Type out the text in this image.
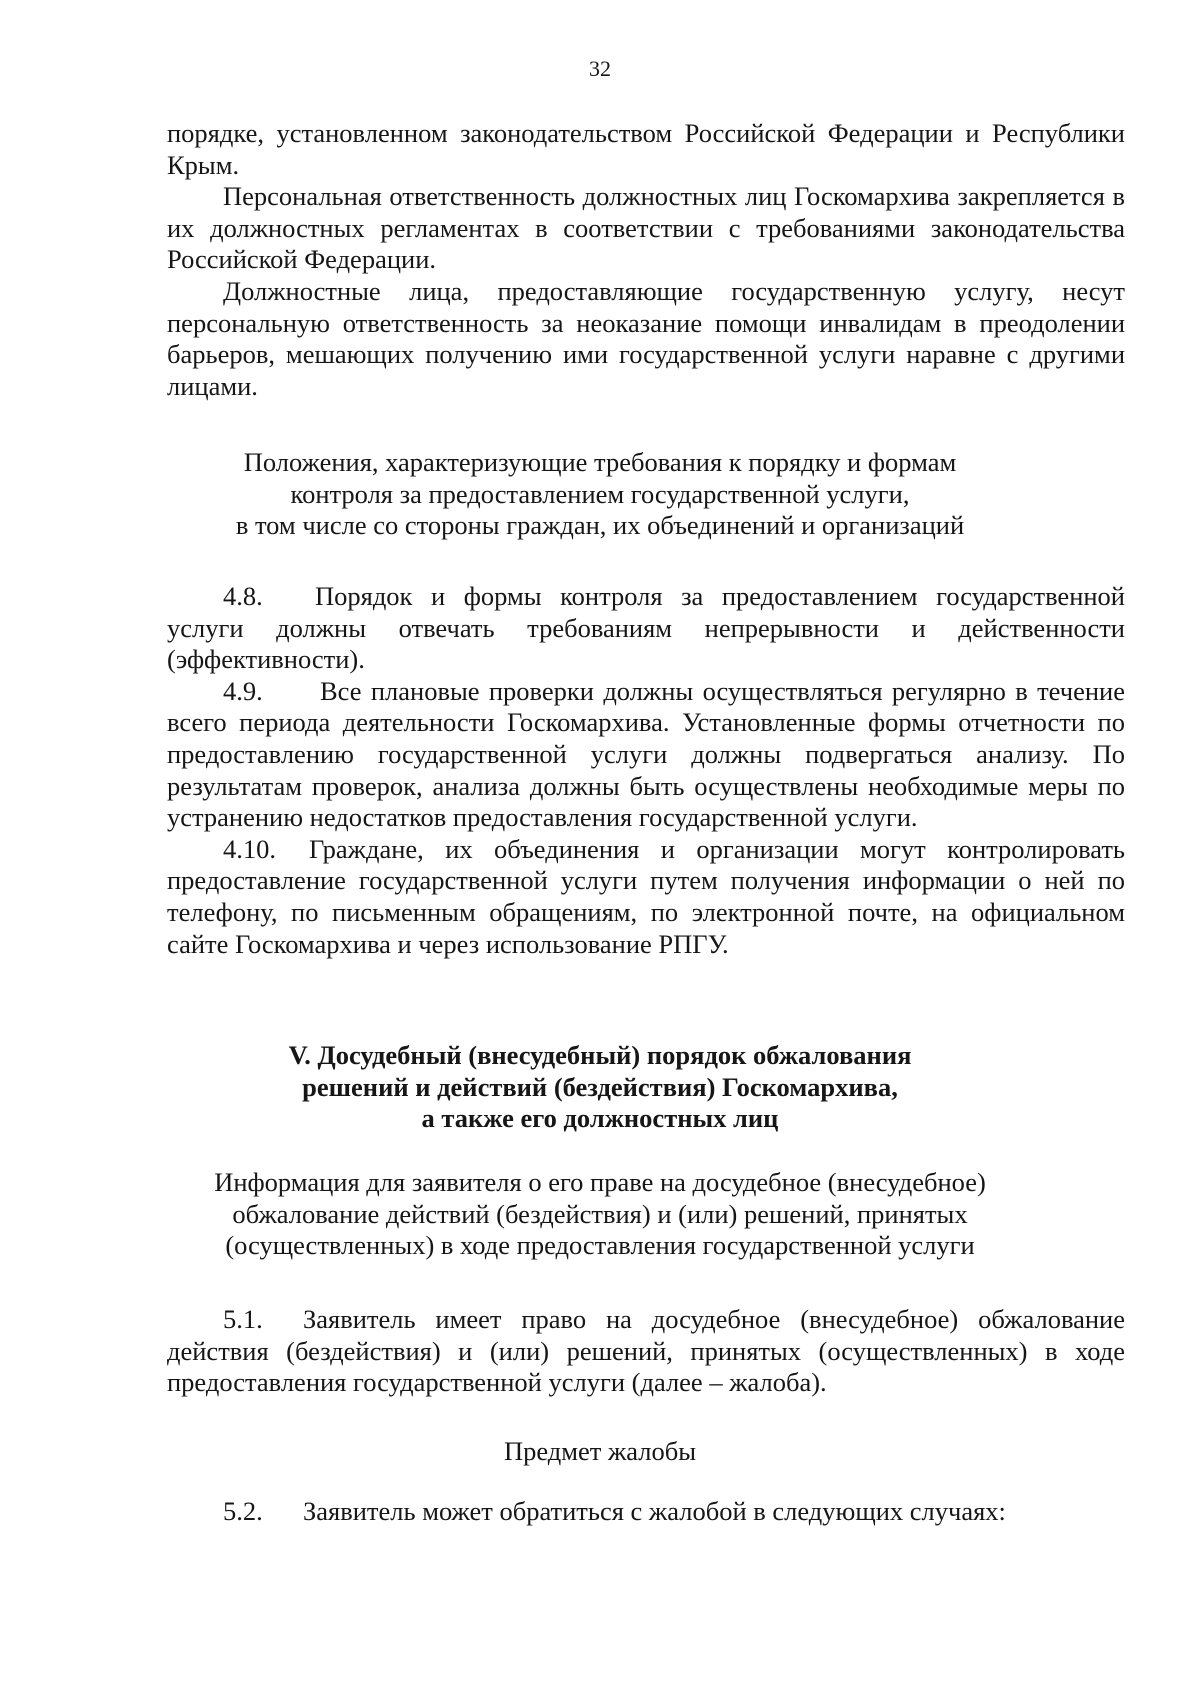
32

порядке, установленном законодательством Российской Федерации и Республики Крым.

Персональная ответственность должностных лиц Госкомархива закрепляется в их должностных регламентах в соответствии с требованиями законодательства Российской Федерации.

Должностные лица, предоставляющие государственную услугу, несут персональную ответственность за неоказание помощи инвалидам в преодолении барьеров, мешающих получению ими государственной услуги наравне с другими лицами.

Положения, характеризующие требования к порядку и формам
контроля за предоставлением государственной услуги,
в том числе со стороны граждан, их объединений и организаций

4.8. Порядок и формы контроля за предоставлением государственной услуги должны отвечать требованиям непрерывности и действенности (эффективности).

4.9. Все плановые проверки должны осуществляться регулярно в течение всего периода деятельности Госкомархива. Установленные формы отчетности по предоставлению государственной услуги должны подвергаться анализу. По результатам проверок, анализа должны быть осуществлены необходимые меры по устранению недостатков предоставления государственной услуги.

4.10. Граждане, их объединения и организации могут контролировать предоставление государственной услуги путем получения информации о ней по телефону, по письменным обращениям, по электронной почте, на официальном сайте Госкомархива и через использование РПГУ.

V. Досудебный (внесудебный) порядок обжалования
решений и действий (бездействия) Госкомархива,
а также его должностных лиц
Информация для заявителя о его праве на досудебное (внесудебное)
обжалование действий (бездействия) и (или) решений, принятых
(осуществленных) в ходе предоставления государственной услуги

5.1. Заявитель имеет право на досудебное (внесудебное) обжалование действия (бездействия) и (или) решений, принятых (осуществленных) в ходе предоставления государственной услуги (далее – жалоба).

Предмет жалобы

5.2. Заявитель может обратиться с жалобой в следующих случаях:
